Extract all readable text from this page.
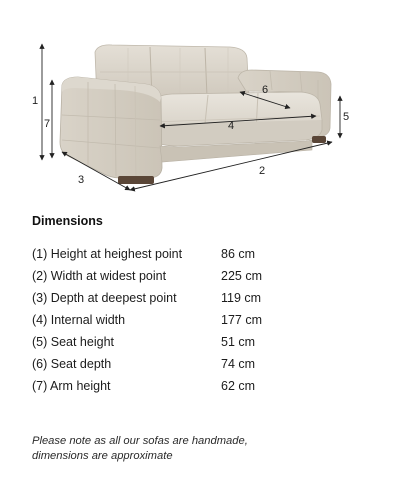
1
7
3
2
5
4
6
Dimensions
(1) Height at heighest point	86 cm
(2) Width at widest point	225 cm
(3) Depth at deepest point	119 cm
(4) Internal width	177 cm
(5) Seat height	51 cm
(6) Seat depth	74 cm
(7) Arm height	62 cm
Please note as all our sofas are handmade,
dimensions are approximate
